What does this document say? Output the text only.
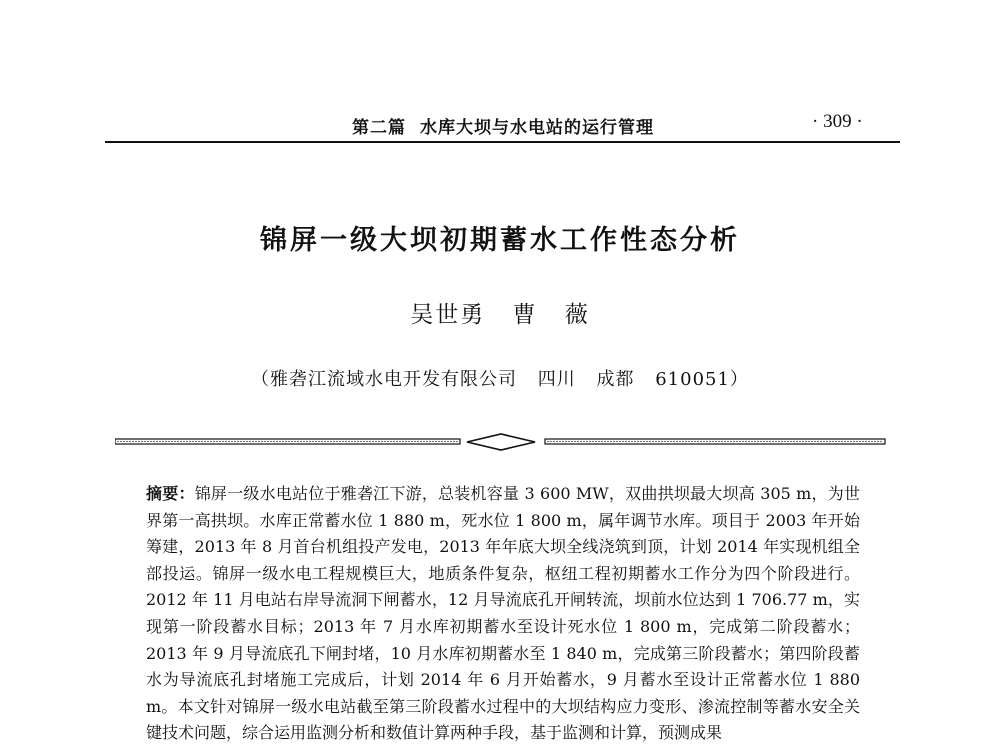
第二篇 水库大坝与水电站的运行管理	· 309 ·
锦屏一级大坝初期蓄水工作性态分析
吴世勇 曹 薇
（雅砻江流域水电开发有限公司 四川 成都 610051）
摘要：锦屏一级水电站位于雅砻江下游，总装机容量 3 600 MW，双曲拱坝最大坝高 305 m，为世界第一高拱坝。水库正常蓄水位 1 880 m，死水位 1 800 m，属年调节水库。项目于 2003 年开始筹建，2013 年 8 月首台机组投产发电，2013 年年底大坝全线浇筑到顶，计划 2014 年实现机组全部投运。锦屏一级水电工程规模巨大，地质条件复杂，枢纽工程初期蓄水工作分为四个阶段进行。2012 年 11 月电站右岸导流洞下闸蓄水，12 月导流底孔开闸转流，坝前水位达到 1 706.77 m，实现第一阶段蓄水目标；2013 年 7 月水库初期蓄水至设计死水位 1 800 m，完成第二阶段蓄水；2013 年 9 月导流底孔下闸封堵，10 月水库初期蓄水至 1 840 m，完成第三阶段蓄水；第四阶段蓄水为导流底孔封堵施工完成后，计划 2014 年 6 月开始蓄水，9 月蓄水至设计正常蓄水位 1 880 m。本文针对锦屏一级水电站截至第三阶段蓄水过程中的大坝结构应力变形、渗流控制等蓄水安全关键技术问题，综合运用监测分析和数值计算两种手段，基于监测和计算，预测成果
